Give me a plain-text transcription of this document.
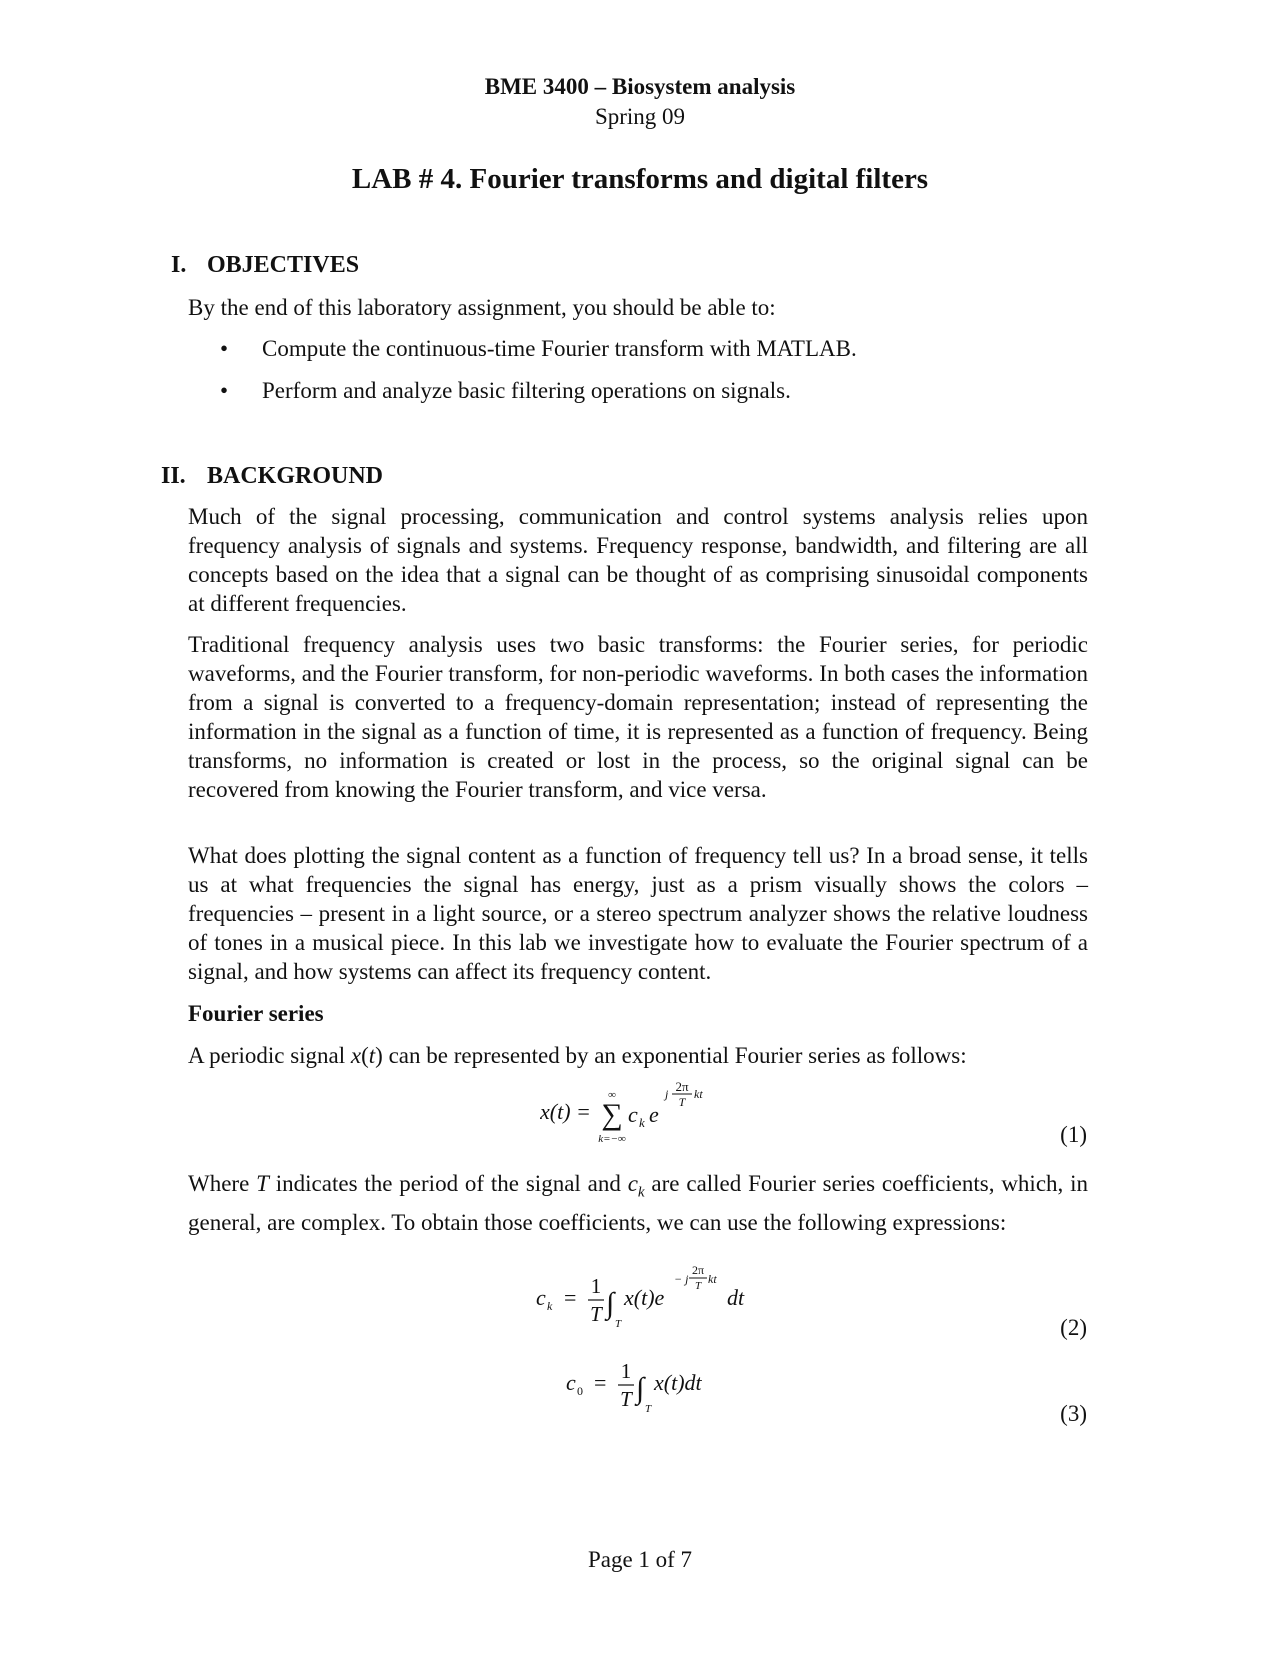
BME 3400 – Biosystem analysis
Spring 09
LAB # 4. Fourier transforms and digital filters
I. OBJECTIVES
By the end of this laboratory assignment, you should be able to:
• Compute the continuous-time Fourier transform with MATLAB.
• Perform and analyze basic filtering operations on signals.
II. BACKGROUND
Much of the signal processing, communication and control systems analysis relies upon frequency analysis of signals and systems. Frequency response, bandwidth, and filtering are all concepts based on the idea that a signal can be thought of as comprising sinusoidal components at different frequencies.
Traditional frequency analysis uses two basic transforms: the Fourier series, for periodic waveforms, and the Fourier transform, for non-periodic waveforms. In both cases the information from a signal is converted to a frequency-domain representation; instead of representing the information in the signal as a function of time, it is represented as a function of frequency. Being transforms, no information is created or lost in the process, so the original signal can be recovered from knowing the Fourier transform, and vice versa.
What does plotting the signal content as a function of frequency tell us? In a broad sense, it tells us at what frequencies the signal has energy, just as a prism visually shows the colors – frequencies – present in a light source, or a stereo spectrum analyzer shows the relative loudness of tones in a musical piece. In this lab we investigate how to evaluate the Fourier spectrum of a signal, and how systems can affect its frequency content.
Fourier series
A periodic signal x(t) can be represented by an exponential Fourier series as follows:
x(t) =
∞
∑
k=−∞
c k e
j 2π
T
kt
(1)
Where T indicates the period of the signal and $c_k$ are called Fourier series coefficients, which, in general, are complex. To obtain those coefficients, we can use the following expressions:
c k = 1
T ∫
T
x(t)e
− j
2π
T kt
dt
(2)
c 0 = 1
T ∫
T
x(t)dt
(3)
Page 1 of 7
